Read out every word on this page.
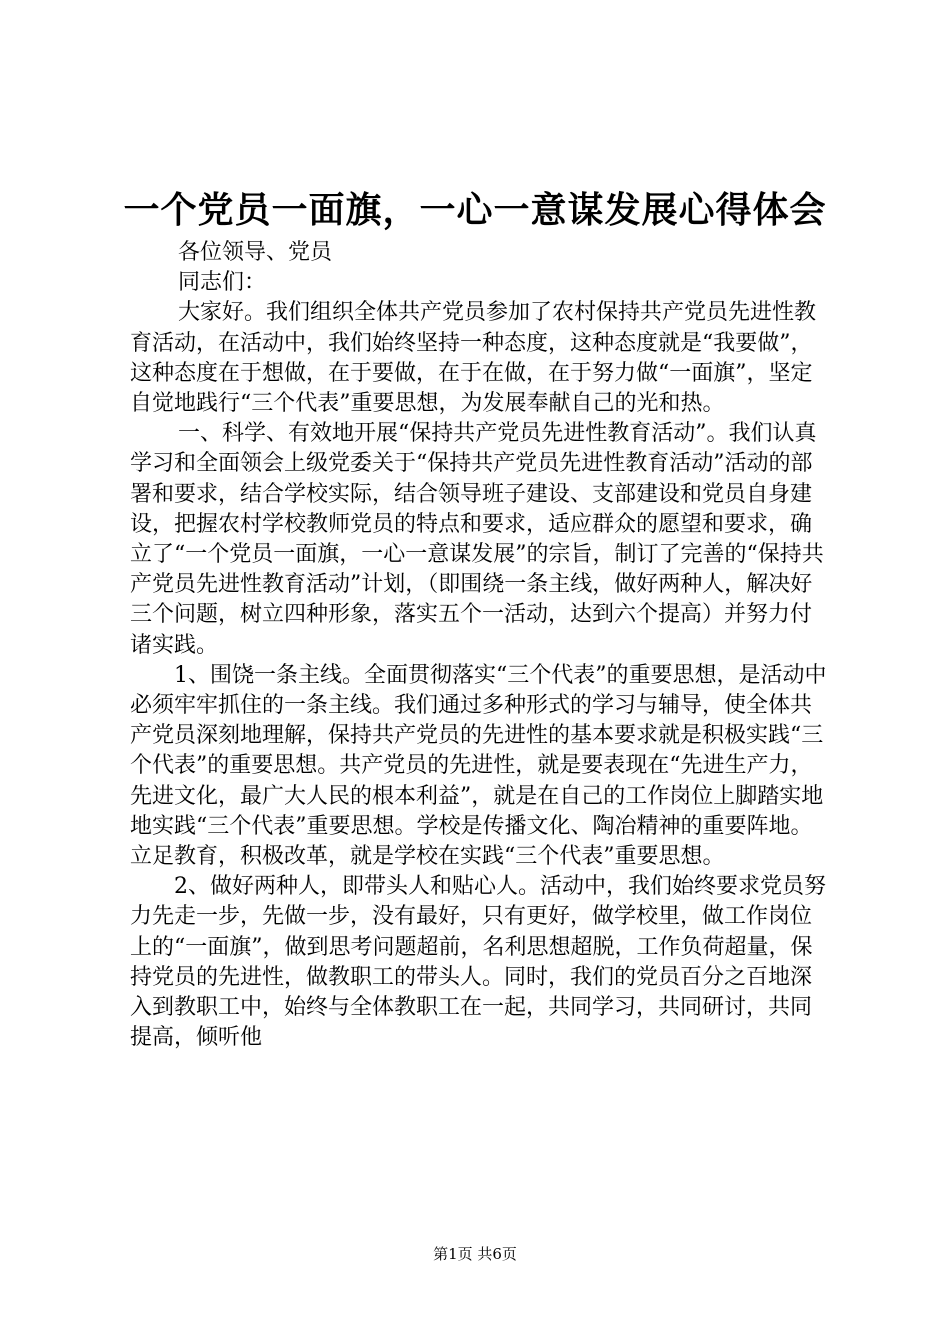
一个党员一面旗，一心一意谋发展心得体会

各位领导、党员

同志们：

大家好。我们组织全体共产党员参加了农村保持共产党员先进性教育活动，在活动中，我们始终坚持一种态度，这种态度就是“我要做”，这种态度在于想做，在于要做，在于在做，在于努力做“一面旗”，坚定自觉地践行“三个代表”重要思想，为发展奉献自己的光和热。

一、科学、有效地开展“保持共产党员先进性教育活动”。我们认真学习和全面领会上级党委关于“保持共产党员先进性教育活动”活动的部署和要求，结合学校实际，结合领导班子建设、支部建设和党员自身建设，把握农村学校教师党员的特点和要求，适应群众的愿望和要求，确立了“一个党员一面旗，一心一意谋发展”的宗旨，制订了完善的“保持共产党员先进性教育活动”计划，（即围绕一条主线，做好两种人，解决好三个问题，树立四种形象，落实五个一活动，达到六个提高）并努力付诸实践。

1、围饶一条主线。全面贯彻落实“三个代表”的重要思想，是活动中必须牢牢抓住的一条主线。我们通过多种形式的学习与辅导，使全体共产党员深刻地理解，保持共产党员的先进性的基本要求就是积极实践“三个代表”的重要思想。共产党员的先进性，就是要表现在“先进生产力，先进文化，最广大人民的根本利益”，就是在自己的工作岗位上脚踏实地地实践“三个代表”重要思想。学校是传播文化、陶冶精神的重要阵地。立足教育，积极改革，就是学校在实践“三个代表”重要思想。

2、做好两种人，即带头人和贴心人。活动中，我们始终要求党员努力先走一步，先做一步，没有最好，只有更好，做学校里，做工作岗位上的“一面旗”，做到思考问题超前，名利思想超脱，工作负荷超量，保持党员的先进性，做教职工的带头人。同时，我们的党员百分之百地深入到教职工中，始终与全体教职工在一起，共同学习，共同研讨，共同提高，倾听他

第1页 共6页
